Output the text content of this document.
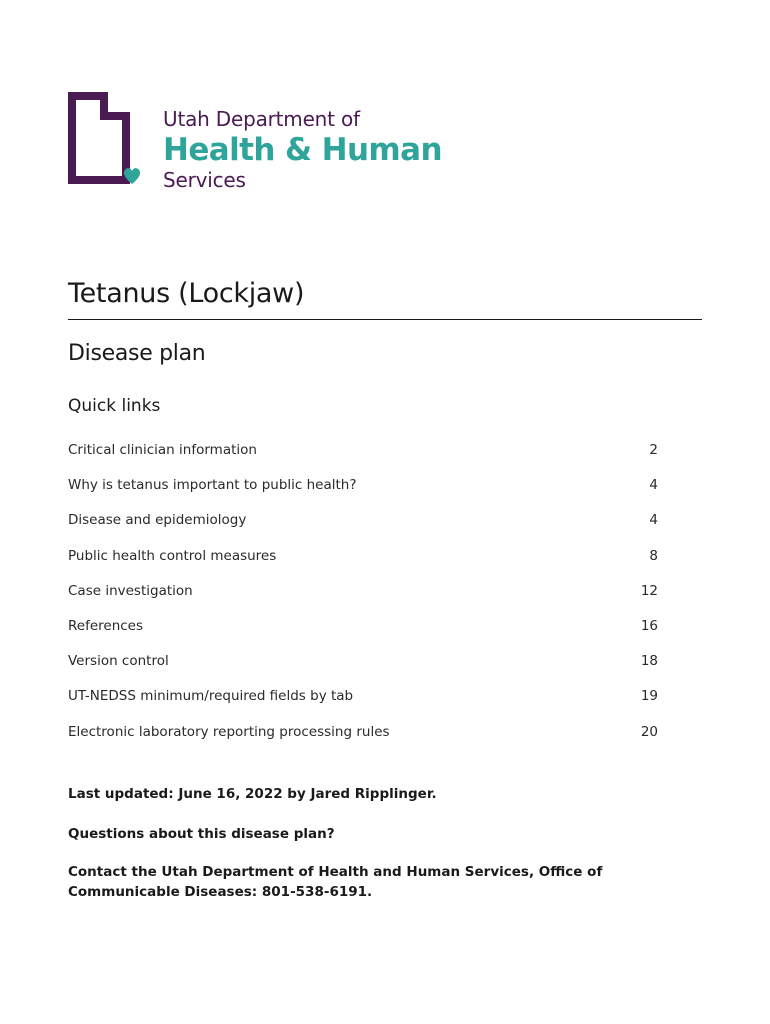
Utah Department of
Health & Human
Services
Tetanus (Lockjaw)
Disease plan
Quick links
Critical clinician information	2
Why is tetanus important to public health?	4
Disease and epidemiology	4
Public health control measures	8
Case investigation	12
References	16
Version control	18
UT-NEDSS minimum/required fields by tab	19
Electronic laboratory reporting processing rules	20

Last updated: June 16, 2022 by Jared Ripplinger.

Questions about this disease plan?

Contact the Utah Department of Health and Human Services, Office of Communicable Diseases: 801-538-6191.
